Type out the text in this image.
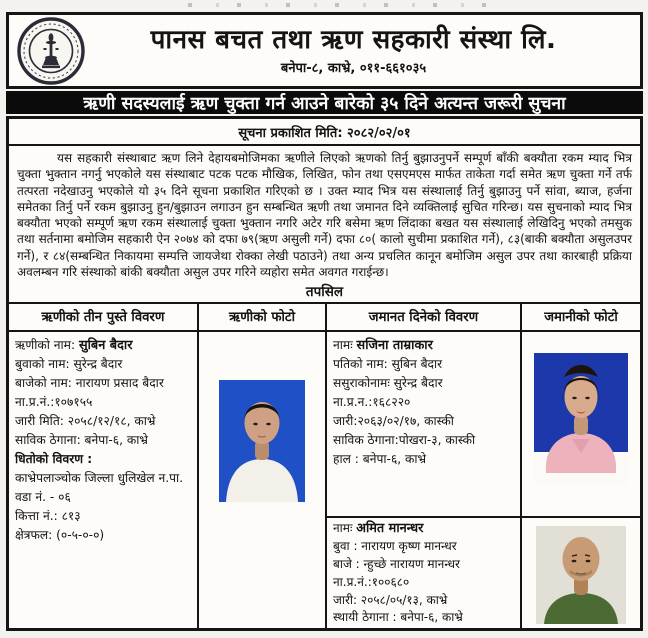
पानस बचत तथा ऋण सहकारी संस्था लि.
बनेपा-८, काभ्रे, ०११-६६१०३५
ऋणी सदस्यलाई ऋण चुक्ता गर्न आउने बारेको ३५ दिने अत्यन्त जरूरी सुचना
सूचना प्रकाशित मिति: २०८२/०२/०१
यस सहकारी संस्थाबाट ऋण लिने देहायबमोजिमका ऋणीले लिएको ऋणको तिर्नु बुझाउनुपर्ने सम्पूर्ण बाँकी बक्यौता रकम म्याद भित्र चुक्ता भुक्तान नगर्नु भएकोले यस संस्थाबाट पटक पटक मौखिक, लिखित, फोन तथा एसएमएस मार्फत ताकेता गर्दा समेत ऋण चुक्ता गर्ने तर्फ तत्परता नदेखाउनु भएकोले यो ३५ दिने सूचना प्रकाशित गरिएको छ । उक्त म्याद भित्र यस संस्थालाई तिर्नु बुझाउनु पर्ने सांवा, ब्याज, हर्जना समेतका तिर्नु पर्ने रकम बुझाउनु हुन/बुझाउन लगाउन हुन सम्बन्धित ऋणी तथा जमानत दिने व्यक्तिलाई सुचित गरिन्छ। यस सुचनाको म्याद भित्र बक्यौता भएको सम्पूर्ण ऋण रकम संस्थालाई चुक्ता भुक्तान नगरि अटेर गरि बसेमा ऋण लिंदाका बखत यस संस्थालाई लेखिदिनु भएको तमसुक तथा सर्तनामा बमोजिम सहकारी ऐन २०७४ को दफा ७९(ऋण असुली गर्ने) दफा ८०( कालो सुचीमा प्रकाशित गर्ने), ८३(बाकी बक्यौता असुलउपर गर्ने), र ८४(सम्बन्धित निकायमा सम्पत्ति जायजेथा रोक्का लेखी पठाउने) तथा अन्य प्रचलित कानून बमोजिम असुल उपर तथा कारबाही प्रक्रिया अवलम्बन गरि संस्थाको बांकी बक्यौता असुल उपर गरिने व्यहोरा समेत अवगत गराईन्छ।
तपसिल
ऋणीको तीन पुस्ते विवरण	ऋणीको फोटो	जमानत दिनेको विवरण	जमानीको फोटो
ऋणीको नाम: सुबिन बैदार
बुवाको नाम: सुरेन्द्र बैदार
बाजेको नाम: नारायण प्रसाद बैदार
ना.प्र.नं.:१०७१५५
जारी मिति: २०५८/१२/१८, काभ्रे
साविक ठेगाना: बनेपा-६, काभ्रे
धितोको विवरण :
काभ्रेपलाञ्चोक जिल्ला धुलिखेल न.पा.
वडा नं. - ०६
कित्ता नं.: ८१३
क्षेत्रफल: (०-५-०-०)
नामः सजिना ताम्राकार
पतिको नाम: सुबिन बैदार
ससुराकोनामः सुरेन्द्र बैदार
ना.प्र.न.:१६८२२०
जारी:२०६३/०२/१७, कास्की
साविक ठेगाना:पोखरा-३, कास्की
हाल : बनेपा-६, काभ्रे
नामः अमित मानन्धर
बुवा : नारायण कृष्ण मानन्धर
बाजे : न्हुच्छे नारायण मानन्धर
ना.प्र.नं.:१००६८०
जारी: २०५८/०५/१३, काभ्रे
स्थायी ठेगाना : बनेपा-६, काभ्रे
